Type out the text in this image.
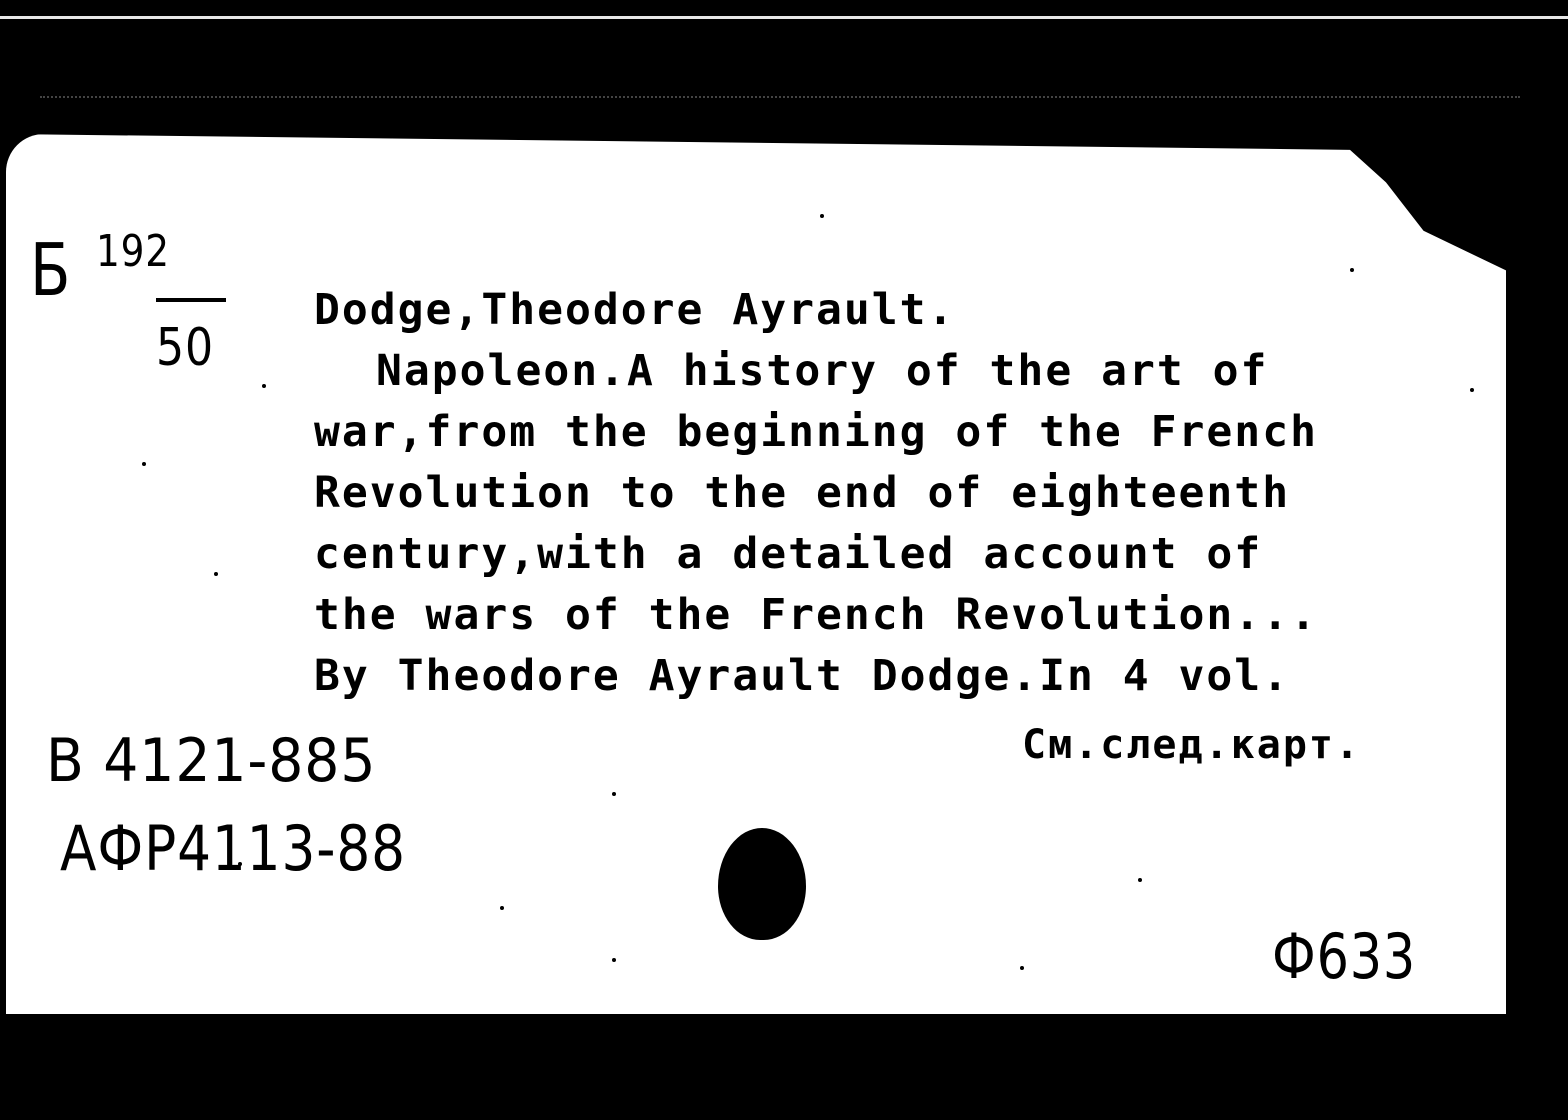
Б 192
50
Dodge,Theodore Ayrault.
Napoleon.A history of the art of
war,from the beginning of the French
Revolution to the end of eighteenth
century,with a detailed account of
the wars of the French Revolution...
By Theodore Ayrault Dodge.In 4 vol.
См.след.карт.
В 4121-885
АФР4113-88
Ф633
